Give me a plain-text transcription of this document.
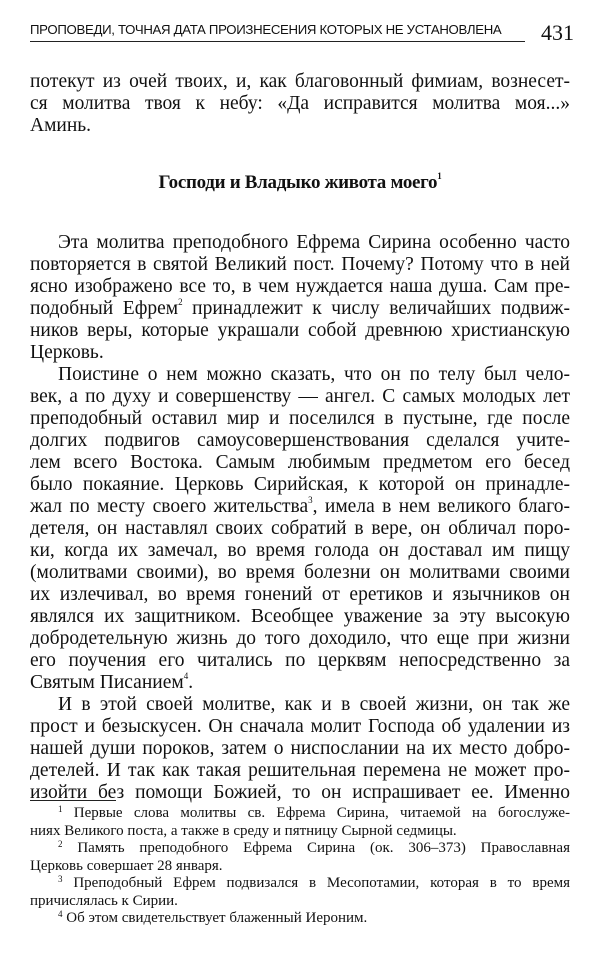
ПРОПОВЕДИ, ТОЧНАЯ ДАТА ПРОИЗНЕСЕНИЯ КОТОРЫХ НЕ УСТАНОВЛЕНА	431
потекут из очей твоих, и, как благовонный фимиам, вознесет-
ся молитва твоя к небу: «Да исправится молитва моя...»
Аминь.
Господи и Владыко живота моего$^1$
Эта молитва преподобного Ефрема Сирина особенно часто
повторяется в святой Великий пост. Почему? Потому что в ней
ясно изображено все то, в чем нуждается наша душа. Сам пре-
подобный Ефрем$^2$ принадлежит к числу величайших подвиж-
ников веры, которые украшали собой древнюю христианскую
Церковь.
Поистине о нем можно сказать, что он по телу был чело-
век, а по духу и совершенству — ангел. С самых молодых лет
преподобный оставил мир и поселился в пустыне, где после
долгих подвигов самоусовершенствования сделался учите-
лем всего Востока. Самым любимым предметом его бесед
было покаяние. Церковь Сирийская, к которой он принадле-
жал по месту своего жительства$^3$, имела в нем великого благо-
детеля, он наставлял своих собратий в вере, он обличал поро-
ки, когда их замечал, во время голода он доставал им пищу
(молитвами своими), во время болезни он молитвами своими
их излечивал, во время гонений от еретиков и язычников он
являлся их защитником. Всеобщее уважение за эту высокую
добродетельную жизнь до того доходило, что еще при жизни
его поучения его читались по церквям непосредственно за
Святым Писанием$^4$.
И в этой своей молитве, как и в своей жизни, он так же
прост и безыскусен. Он сначала молит Господа об удалении из
нашей души пороков, затем о ниспослании на их место добро-
детелей. И так как такая решительная перемена не может про-
изойти без помощи Божией, то он испрашивает ее. Именно
$^1$ Первые слова молитвы св. Ефрема Сирина, читаемой на богослуже-
ниях Великого поста, а также в среду и пятницу Сырной седмицы.
$^2$ Память преподобного Ефрема Сирина (ок. 306–373) Православная
Церковь совершает 28 января.
$^3$ Преподобный Ефрем подвизался в Месопотамии, которая в то время
причислялась к Сирии.
$^4$ Об этом свидетельствует блаженный Иероним.
